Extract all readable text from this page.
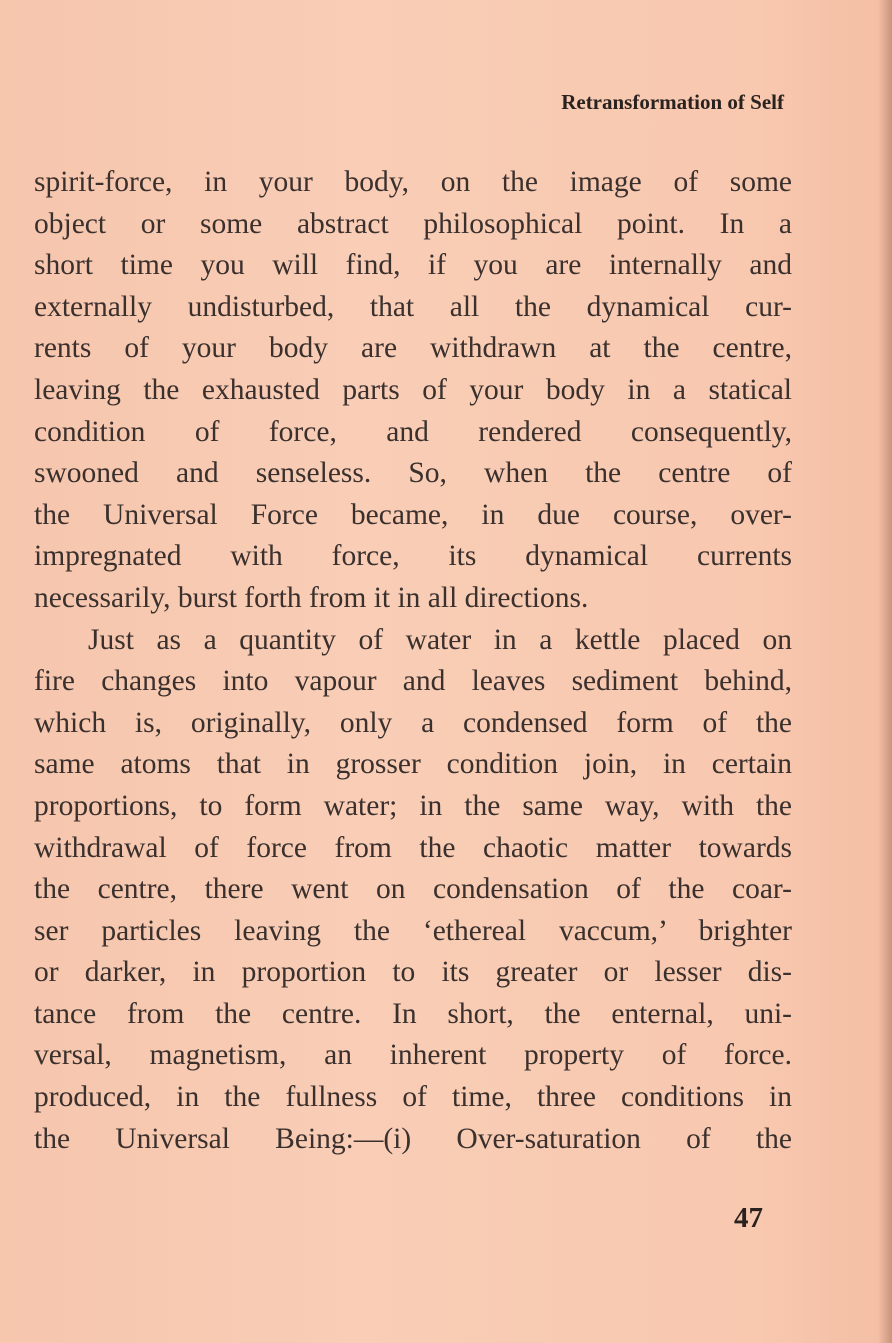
Retransformation of Self
spirit-force, in your body, on the image of some
object or some abstract philosophical point. In a
short time you will find, if you are internally and
externally undisturbed, that all the dynamical cur-
rents of your body are withdrawn at the centre,
leaving the exhausted parts of your body in a statical
condition of force, and rendered consequently,
swooned and senseless. So, when the centre of
the Universal Force became, in due course, over-
impregnated with force, its dynamical currents
necessarily, burst forth from it in all directions.
Just as a quantity of water in a kettle placed on
fire changes into vapour and leaves sediment behind,
which is, originally, only a condensed form of the
same atoms that in grosser condition join, in certain
proportions, to form water; in the same way, with the
withdrawal of force from the chaotic matter towards
the centre, there went on condensation of the coar-
ser particles leaving the ‘ethereal vaccum,’ brighter
or darker, in proportion to its greater or lesser dis-
tance from the centre. In short, the enternal, uni-
versal, magnetism, an inherent property of force.
produced, in the fullness of time, three conditions in
the Universal Being:—(i) Over-saturation of the
47
